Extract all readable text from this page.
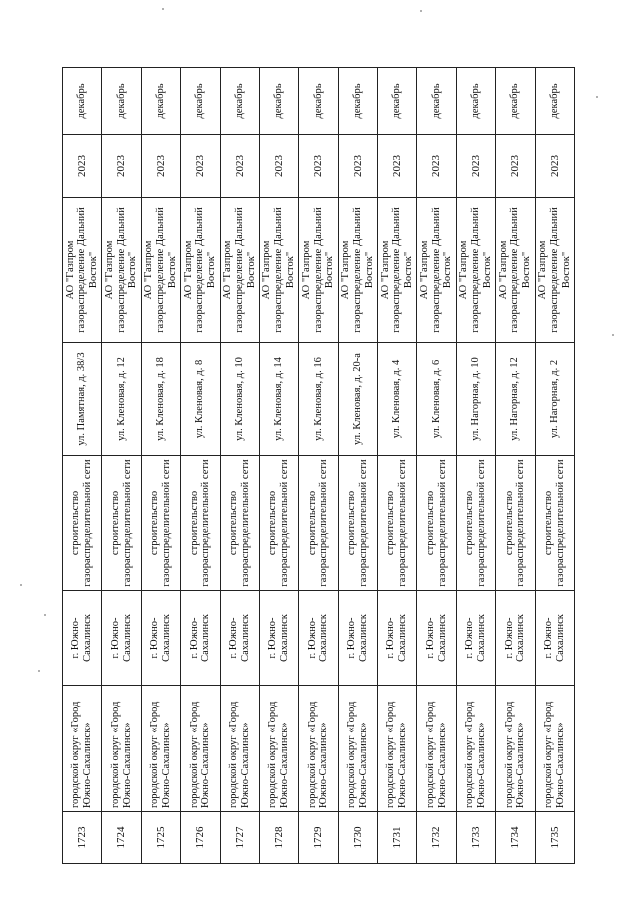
1723	городской округ «Город Южно-Сахалинск»	г. Южно-Сахалинск	строительство газораспределительной сети	ул. Памятная, д. 38/3	АО "Газпром газораспределение Дальний Восток"	2023	декабрь
1724	городской округ «Город Южно-Сахалинск»	г. Южно-Сахалинск	строительство газораспределительной сети	ул. Кленовая, д. 12	АО "Газпром газораспределение Дальний Восток"	2023	декабрь
1725	городской округ «Город Южно-Сахалинск»	г. Южно-Сахалинск	строительство газораспределительной сети	ул. Кленовая, д. 18	АО "Газпром газораспределение Дальний Восток"	2023	декабрь
1726	городской округ «Город Южно-Сахалинск»	г. Южно-Сахалинск	строительство газораспределительной сети	ул. Кленовая, д. 8	АО "Газпром газораспределение Дальний Восток"	2023	декабрь
1727	городской округ «Город Южно-Сахалинск»	г. Южно-Сахалинск	строительство газораспределительной сети	ул. Кленовая, д. 10	АО "Газпром газораспределение Дальний Восток"	2023	декабрь
1728	городской округ «Город Южно-Сахалинск»	г. Южно-Сахалинск	строительство газораспределительной сети	ул. Кленовая, д. 14	АО "Газпром газораспределение Дальний Восток"	2023	декабрь
1729	городской округ «Город Южно-Сахалинск»	г. Южно-Сахалинск	строительство газораспределительной сети	ул. Кленовая, д. 16	АО "Газпром газораспределение Дальний Восток"	2023	декабрь
1730	городской округ «Город Южно-Сахалинск»	г. Южно-Сахалинск	строительство газораспределительной сети	ул. Кленовая, д. 20-а	АО "Газпром газораспределение Дальний Восток"	2023	декабрь
1731	городской округ «Город Южно-Сахалинск»	г. Южно-Сахалинск	строительство газораспределительной сети	ул. Кленовая, д. 4	АО "Газпром газораспределение Дальний Восток"	2023	декабрь
1732	городской округ «Город Южно-Сахалинск»	г. Южно-Сахалинск	строительство газораспределительной сети	ул. Кленовая, д. 6	АО "Газпром газораспределение Дальний Восток"	2023	декабрь
1733	городской округ «Город Южно-Сахалинск»	г. Южно-Сахалинск	строительство газораспределительной сети	ул. Нагорная, д. 10	АО "Газпром газораспределение Дальний Восток"	2023	декабрь
1734	городской округ «Город Южно-Сахалинск»	г. Южно-Сахалинск	строительство газораспределительной сети	ул. Нагорная, д. 12	АО "Газпром газораспределение Дальний Восток"	2023	декабрь
1735	городской округ «Город Южно-Сахалинск»	г. Южно-Сахалинск	строительство газораспределительной сети	ул. Нагорная, д. 2	АО "Газпром газораспределение Дальний Восток"	2023	декабрь
